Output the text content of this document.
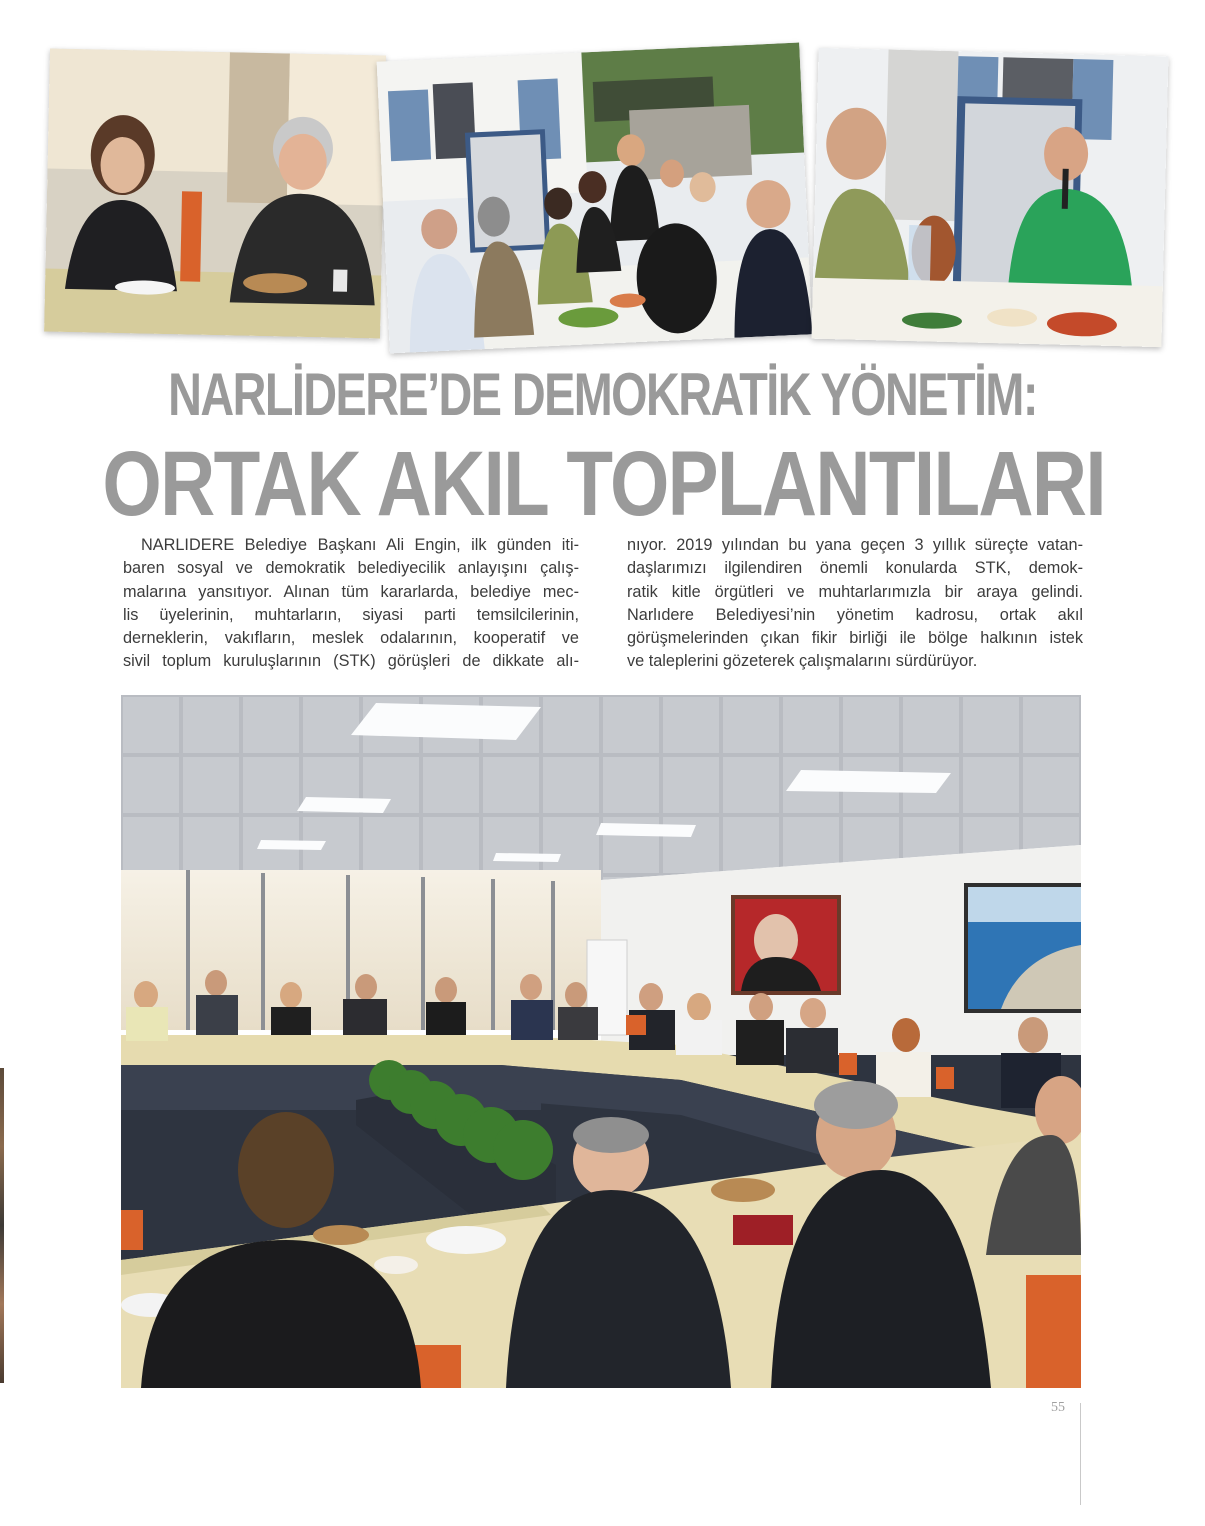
NARLİDERE’DE DEMOKRATİK YÖNETİM:
ORTAK AKIL TOPLANTILARI

NARLIDERE Belediye Başkanı Ali Engin, ilk günden iti-
baren sosyal ve demokratik belediyecilik anlayışını çalış-
malarına yansıtıyor. Alınan tüm kararlarda, belediye mec-
lis üyelerinin, muhtarların, siyasi parti temsilcilerinin,
derneklerin, vakıfların, meslek odalarının, kooperatif ve
sivil toplum kuruluşlarının (STK) görüşleri de dikkate alı-

nıyor. 2019 yılından bu yana geçen 3 yıllık süreçte vatan-
daşlarımızı ilgilendiren önemli konularda STK, demok-
ratik kitle örgütleri ve muhtarlarımızla bir araya gelindi.
Narlıdere Belediyesi’nin yönetim kadrosu, ortak akıl
görüşmelerinden çıkan fikir birliği ile bölge halkının istek
ve taleplerini gözeterek çalışmalarını sürdürüyor.

55
